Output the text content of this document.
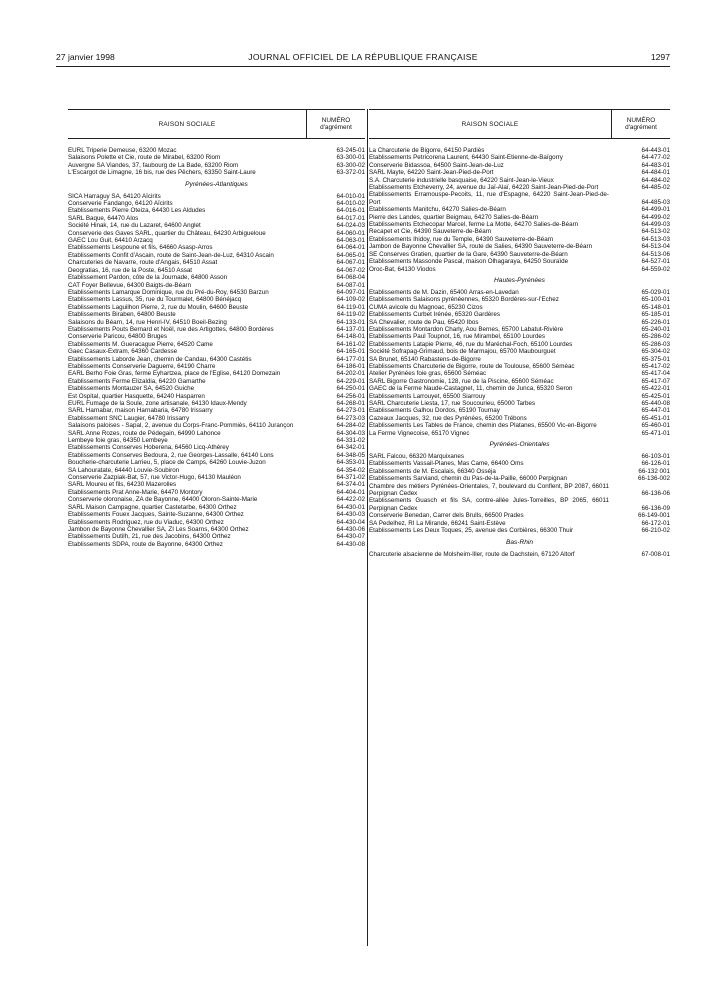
27 janvier 1998	JOURNAL OFFICIEL DE LA RÉPUBLIQUE FRANÇAISE	1297
RAISON SOCIALE
NUMÉRO
d'agrément
EURL Triperie Demeuse, 63200 Mozac	63-245-01
Salaisons Polette et Cie, route de Mirabel, 63200 Riom	63-300-01
Auvergne SA Viandes, 37, faubourg de La Bade, 63200 Riom	63-300-02
L'Escargot de Limagne, 16 bis, rue des Pêchers, 63350 Saint-Laure	63-372-01
Pyrénées-Atlantiques
SICA Harraguy SA, 64120 Aïcirits	64-010-01
Conserverie Fandango, 64120 Aïcirits	64-010-02
Etablissements Pierre Oteiza, 64430 Les Aldudes	64-016-01
SARL Baque, 64470 Alos	64-017-01
Société Hinak, 14, rue du Lazaret, 64600 Anglet	64-024-03
Conserverie des Gaves SARL, quartier du Château, 64230 Arbigueloue	64-060-01
GAEC Lou Guit, 64410 Arzacq	64-063-01
Etablissements Lespoune et fils, 64660 Asasp-Arros	64-064-01
Etablissements Confit d'Ascain, route de Saint-Jean-de-Luz, 64310 Ascain	64-065-01
Charcuteries de Navarre, route d'Angais, 64510 Assat	64-067-01
Deogratias, 16, rue de la Poste, 64510 Assat	64-067-02
Etablissement Pardon, côte de la Journade, 64800 Asson	64-068-04
CAT Foyer Bellevue, 64300 Baigts-de-Béarn	64-087-01
Etablissements Lamarque Dominique, rue du Pré-du-Roy, 64530 Barzun	64-097-01
Etablissements Lassus, 35, rue du Tourmalet, 64800 Bénéjacq	64-109-02
Etablissements Laguilhon Pierre, 2, rue du Moulin, 64600 Beuste	64-119-01
Etablissements Biraben, 64800 Beuste	64-119-02
Salaisons du Béarn, 14, rue Henri-IV, 64510 Boeil-Bezing	64-133-01
Etablissements Pouts Bernard et Noël, rue des Artigottes, 64800 Bordères	64-137-01
Conserverie Paricou, 64800 Bruges	64-148-01
Etablissements M. Gueracague Pierre, 64520 Came	64-161-02
Gaec Casaux-Extram, 64360 Cardesse	64-165-01
Etablissements Laborde Jean, chemin de Candau, 64300 Castétis	64-177-01
Etablissements Conserverie Daguerre, 64190 Charre	64-186-01
EARL Berho Foie Gras, ferme Eyhartzea, place de l'Eglise, 64120 Domezain	64-202-01
Etablissements Ferme Elizaldia, 64220 Gamarthe	64-229-01
Etablissements Montauzer SA, 64520 Guiche	64-250-01
Est Ospital, quartier Hasquette, 64240 Hasparren	64-256-01
EURL Fumage de la Soule, zone artisanale, 64130 Idaux-Mendy	64-268-01
SARL Harnabar, maison Harnabaria, 64780 Irissarry	64-273-01
Etablissement SNC Laugier, 64780 Irissarry	64-273-03
Salaisons paloises - Sapal, 2, avenue du Corps-Franc-Pommiès, 64110 Jurançon	64-284-02
SARL Anne Rozes, route de Pédegain, 64990 Lahonce	64-304-03
Lembeye foie gras, 64350 Lembeye	64-331-02
Etablissements Conserves Hoberena, 64560 Licq-Athérey	64-342-01
Etablissements Conserves Bedoura, 2, rue Georges-Lassalle, 64140 Lons	64-348-05
Boucherie-charcuterie Larrieu, 5, place de Camps, 64260 Louvie-Juzon	64-353-01
SA Lahouratate, 64440 Louvie-Soubiron	64-354-02
Conserverie Zazpiak-Bat, 57, rue Victor-Hugo, 64130 Mauléon	64-371-02
SARL Moureu et fils, 64230 Mazerolles	64-374-01
Etablissements Prat Anne-Marie, 64470 Montory	64-404-01
Conserverie oloronaise, ZA de Bayonne, 64400 Oloron-Sainte-Marie	64-422-02
SARL Maison Campagne, quartier Castetarbe, 64300 Orthez	64-430-01
Etablissements Fouex Jacques, Sainte-Suzanne, 64300 Orthez	64-430-03
Etablissements Rodriguez, rue du Viaduc, 64300 Orthez	64-430-04
Jambon de Bayonne Chevallier SA, ZI Les Soarns, 64300 Orthez	64-430-06
Etablissements Dutilh, 21, rue des Jacobins, 64300 Orthez	64-430-07
Etablissements SDPA, route de Bayonne, 64300 Orthez	64-430-08
RAISON SOCIALE
NUMÉRO
d'agrément
La Charcuterie de Bigorre, 64150 Pardiès	64-443-01
Etablissements Petricorena Laurent, 64430 Saint-Etienne-de-Baïgorry	64-477-02
Conserverie Bidassoa, 64500 Saint-Jean-de-Luz	64-483-01
SARL Mayte, 64220 Saint-Jean-Pied-de-Port	64-484-01
S.A. Charcuterie industrielle basquaise, 64220 Saint-Jean-le-Vieux	64-484-02
Etablissements Etcheverry, 24, avenue du Jaï-Alaï, 64220 Saint-Jean-Pied-de-Port	64-485-02
Etablissements Erramouspe-Pecoits, 11, rue d'Espagne, 64220 Saint-Jean-Pied-de-Port	64-485-03
Etablissements Manitchu, 64270 Salies-de-Béarn	64-499-01
Pierre des Landes, quartier Beigmau, 64270 Salies-de-Béarn	64-499-02
Etablissements Etchecopar Marcel, ferme La Motte, 64270 Salies-de-Béarn	64-499-03
Recapet et Cie, 64390 Sauveterre-de-Béarn	64-513-02
Etablissements Ihidoy, rue du Temple, 64390 Sauveterre-de-Béarn	64-513-03
Jambon de Bayonne Chevallier SA, route de Salies, 64390 Sauveterre-de-Béarn	64-513-04
SE Conserves Gratien, quartier de la Gare, 64390 Sauveterre-de-Béarn	64-513-06
Etablissements Massonde Pascal, maison Olhagaraya, 64250 Souraïde	64-527-01
Oroc-Bat, 64130 Viodos	64-559-02
Hautes-Pyrénées
Etablissements de M. Dazin, 65400 Arras-en-Lavedan	65-029-01
Etablissements Salaisons pyrénéennes, 65320 Bordères-sur-l'Echez	65-100-01
CUMA avicole du Magnoac, 65230 Cizos	65-148-01
Etablissements Curbet Irénée, 65320 Gardères	65-185-01
SA Chevalier, route de Pau, 65420 Ibos	65-226-01
Etablissements Montardon Charly, Aou Bernes, 65700 Labatut-Rivière	65-240-01
Etablissements Paul Toupnot, 16, rue Mirambel, 65100 Lourdes	65-286-02
Etablissements Latapie Pierre, 46, rue du Maréchal-Foch, 65100 Lourdes	65-286-03
Société Sofrapag-Grimaud, bois de Marmajou, 65700 Maubourguet	65-304-02
SA Brunet, 65140 Rabastens-de-Bigorre	65-375-01
Etablissements Charcuterie de Bigorre, route de Toulouse, 65600 Séméac	65-417-02
Atelier Pyrénées foie gras, 65600 Séméac	65-417-04
SARL Bigorre Gastronomie, 128, rue de la Piscine, 65600 Séméac	65-417-07
GAEC de la Ferme Naude-Castagnet, 11, chemin de Junca, 65320 Seron	65-422-01
Etablissements Larrouyet, 65500 Siarrouy	65-425-01
SARL Charcuterie Liesta, 17, rue Soucourieu, 65000 Tarbes	65-440-08
Etablissements Galhou Dordos, 65190 Tournay	65-447-01
Cazeaux Jacques, 32, rue des Pyrénées, 65200 Trébons	65-451-01
Etablissements Les Tables de France, chemin des Platanes, 65500 Vic-en-Bigorre	65-460-01
La Ferme Vignecoise, 65170 Vignec	65-471-01
Pyrénées-Orientales
SARL Falcou, 66320 Marquixanes	66-103-01
Etablissements Vassail-Planes, Mas Came, 66400 Oms	66-126-01
Etablissements de M. Escalais, 66340 Osséja	66-132 001
Etablissements Sarviand, chemin du Pas-de-la-Paille, 66000 Perpignan	66-136-002
Chambre des métiers Pyrénées-Orientales, 7, boulevard du Conflent, BP 2087, 66011 Perpignan Cedex	66-136-06
Etablissements Guasch et fils SA, contre-allée Jules-Torreilles, BP 2065, 66011 Perpignan Cedex	66-136-09
Conserverie Benedan, Carrer dels Brulls, 66500 Prades	66-149-001
SA Pedelhez, RI La Mirande, 66241 Saint-Estève	66-172-01
Etablissements Les Deux Toques, 25, avenue des Corbières, 66300 Thuir	66-210-02
Bas-Rhin
Charcuterie alsacienne de Molsheim-Iller, route de Dachstein, 67120 Altorf	67-008-01
